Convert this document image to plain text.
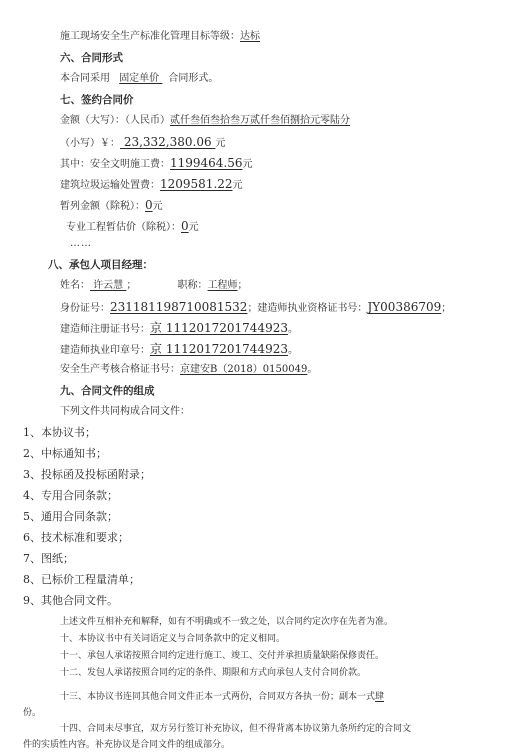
施工现场安全生产标准化管理目标等级：达标
六、合同形式
本合同采用 固定单价 合同形式。
七、签约合同价
金额（大写）：（人民币）贰仟叁佰叁拾叁万贰仟叁佰捌拾元零陆分
（小写）￥： 23,332,380.06 元
其中：安全文明施工费：1199464.56元
建筑垃圾运输处置费：1209581.22元
暂列金额（除税）：0元
专业工程暂估价（除税）：0元
……
八、承包人项目经理：
姓名： 许云慧 ；	职称：工程师；
身份证号：231181198710081532；建造师执业资格证书号：JY00386709；
建造师注册证书号：京 1112017201744923。
建造师执业印章号：京 1112017201744923。
安全生产考核合格证书号：京建安B（2018）0150049。
九、合同文件的组成
下列文件共同构成合同文件：
1、本协议书；
2、中标通知书；
3、投标函及投标函附录；
4、专用合同条款；
5、通用合同条款；
6、技术标准和要求；
7、图纸；
8、已标价工程量清单；
9、其他合同文件。
上述文件互相补充和解释，如有不明确或不一致之处，以合同约定次序在先者为准。
十、本协议书中有关词语定义与合同条款中的定义相同。
十一、承包人承诺按照合同约定进行施工、竣工、交付并承担质量缺陷保修责任。
十二、发包人承诺按照合同约定的条件、期限和方式向承包人支付合同价款。
十三、本协议书连同其他合同文件正本一式两份，合同双方各执一份；副本一式肆
份。
十四、合同未尽事宜，双方另行签订补充协议，但不得背离本协议第九条所约定的合同文
件的实质性内容。补充协议是合同文件的组成部分。
